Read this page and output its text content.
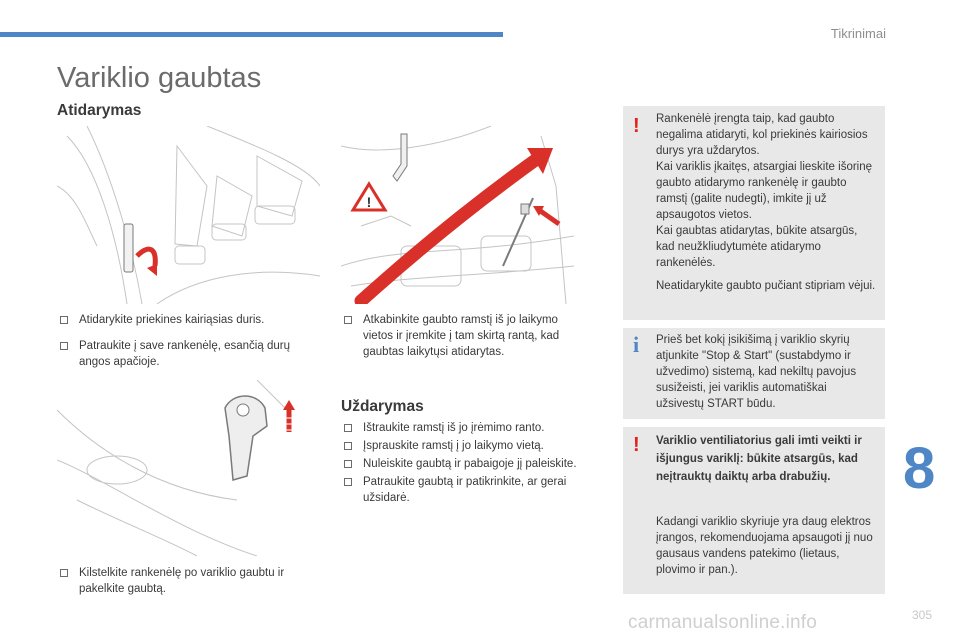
Tikrinimai
Variklio gaubtas
Atidarymas
!
Atidarykite priekines kairiąsias duris.
Patraukite į save rankenėlę, esančią durų angos apačioje.
Atkabinkite gaubto ramstį iš jo laikymo vietos ir įremkite į tam skirtą rantą, kad gaubtas laikytųsi atidarytas.
Uždarymas
Ištraukite ramstį iš jo įrėmimo ranto.
Įsprauskite ramstį į jo laikymo vietą.
Nuleiskite gaubtą ir pabaigoje jį paleiskite.
Patraukite gaubtą ir patikrinkite, ar gerai užsidarė.
Kilstelkite rankenėlę po variklio gaubtu ir pakelkite gaubtą.
! Rankenėlė įrengta taip, kad gaubto negalima atidaryti, kol priekinės kairiosios durys yra uždarytos.

Kai variklis įkaitęs, atsargiai lieskite išorinę gaubto atidarymo rankenėlę ir gaubto ramstį (galite nudegti), imkite jį už apsaugotos vietos.

Kai gaubtas atidarytas, būkite atsargūs, kad neužkliudytumėte atidarymo rankenėlės.

Neatidarykite gaubto pučiant stipriam vėjui.

i Prieš bet kokį įsikišimą į variklio skyrių atjunkite "Stop & Start" (sustabdymo ir užvedimo) sistemą, kad nekiltų pavojus susižeisti, jei variklis automatiškai užsivestų START būdu.

! Variklio ventiliatorius gali imti veikti ir išjungus variklį: būkite atsargūs, kad neįtrauktų daiktų arba drabužių.

Kadangi variklio skyriuje yra daug elektros įrangos, rekomenduojama apsaugoti jį nuo gausaus vandens patekimo (lietaus, plovimo ir pan.).

8
carmanualsonline.info	305
